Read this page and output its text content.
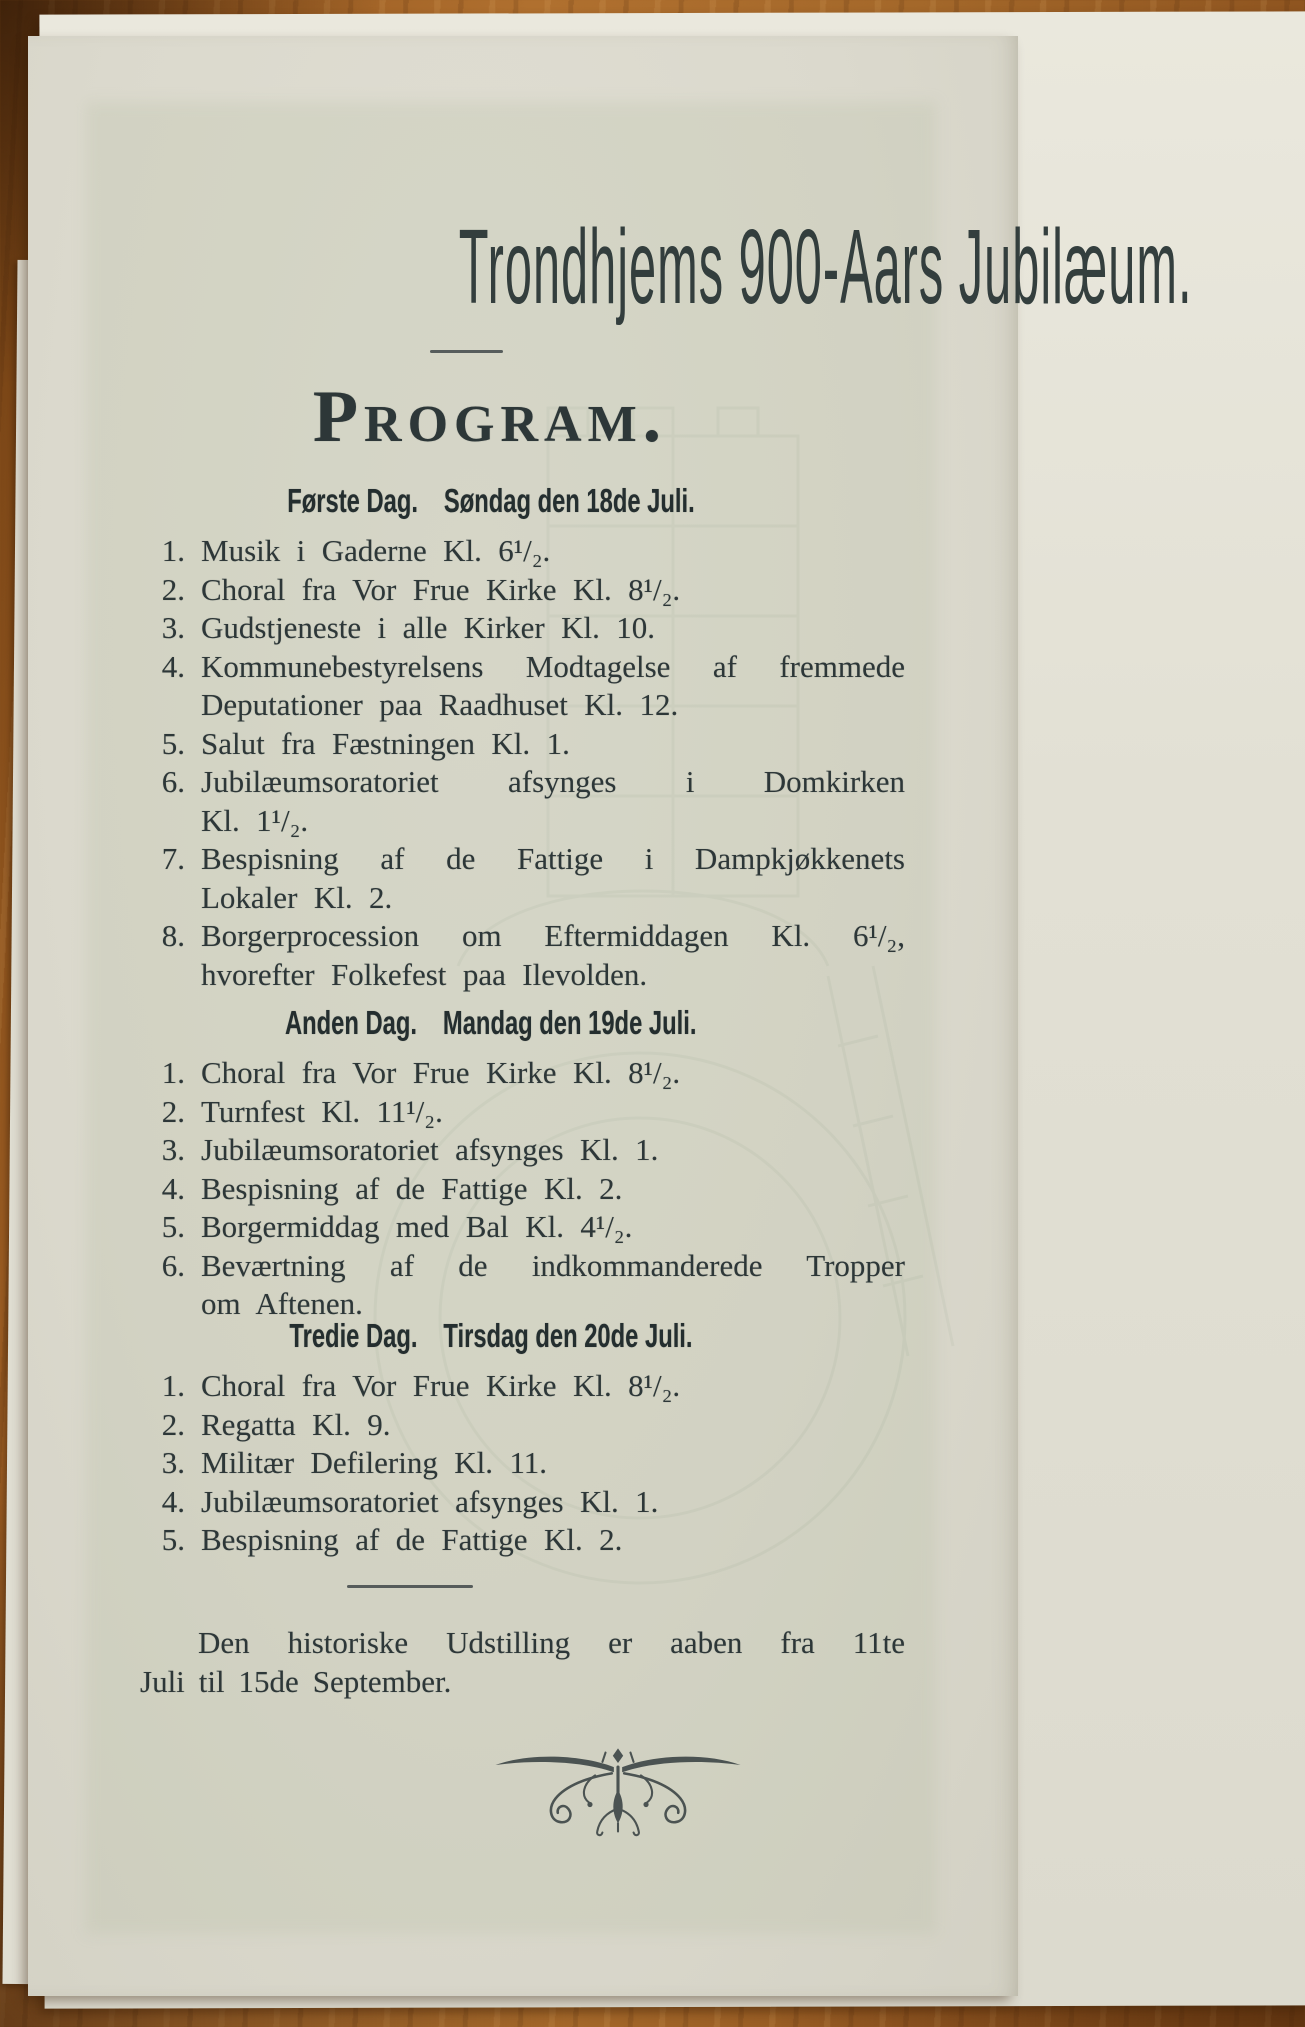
Trondhjems 900-Aars Jubilæum.
Program.
Første Dag. Søndag den 18de Juli.
1. Musik i Gaderne Kl. 6¹/₂.
2. Choral fra Vor Frue Kirke Kl. 8¹/₂.
3. Gudstjeneste i alle Kirker Kl. 10.
4. Kommunebestyrelsens Modtagelse af fremmede
Deputationer paa Raadhuset Kl. 12.
5. Salut fra Fæstningen Kl. 1.
6. Jubilæumsoratoriet afsynges i Domkirken
Kl. 1¹/₂.
7. Bespisning af de Fattige i Dampkjøkkenets
Lokaler Kl. 2.
8. Borgerprocession om Eftermiddagen Kl. 6¹/₂,
hvorefter Folkefest paa Ilevolden.
Anden Dag. Mandag den 19de Juli.
1. Choral fra Vor Frue Kirke Kl. 8¹/₂.
2. Turnfest Kl. 11¹/₂.
3. Jubilæumsoratoriet afsynges Kl. 1.
4. Bespisning af de Fattige Kl. 2.
5. Borgermiddag med Bal Kl. 4¹/₂.
6. Beværtning af de indkommanderede Tropper
om Aftenen.
Tredie Dag. Tirsdag den 20de Juli.
1. Choral fra Vor Frue Kirke Kl. 8¹/₂.
2. Regatta Kl. 9.
3. Militær Defilering Kl. 11.
4. Jubilæumsoratoriet afsynges Kl. 1.
5. Bespisning af de Fattige Kl. 2.
Den historiske Udstilling er aaben fra 11te
Juli til 15de September.
